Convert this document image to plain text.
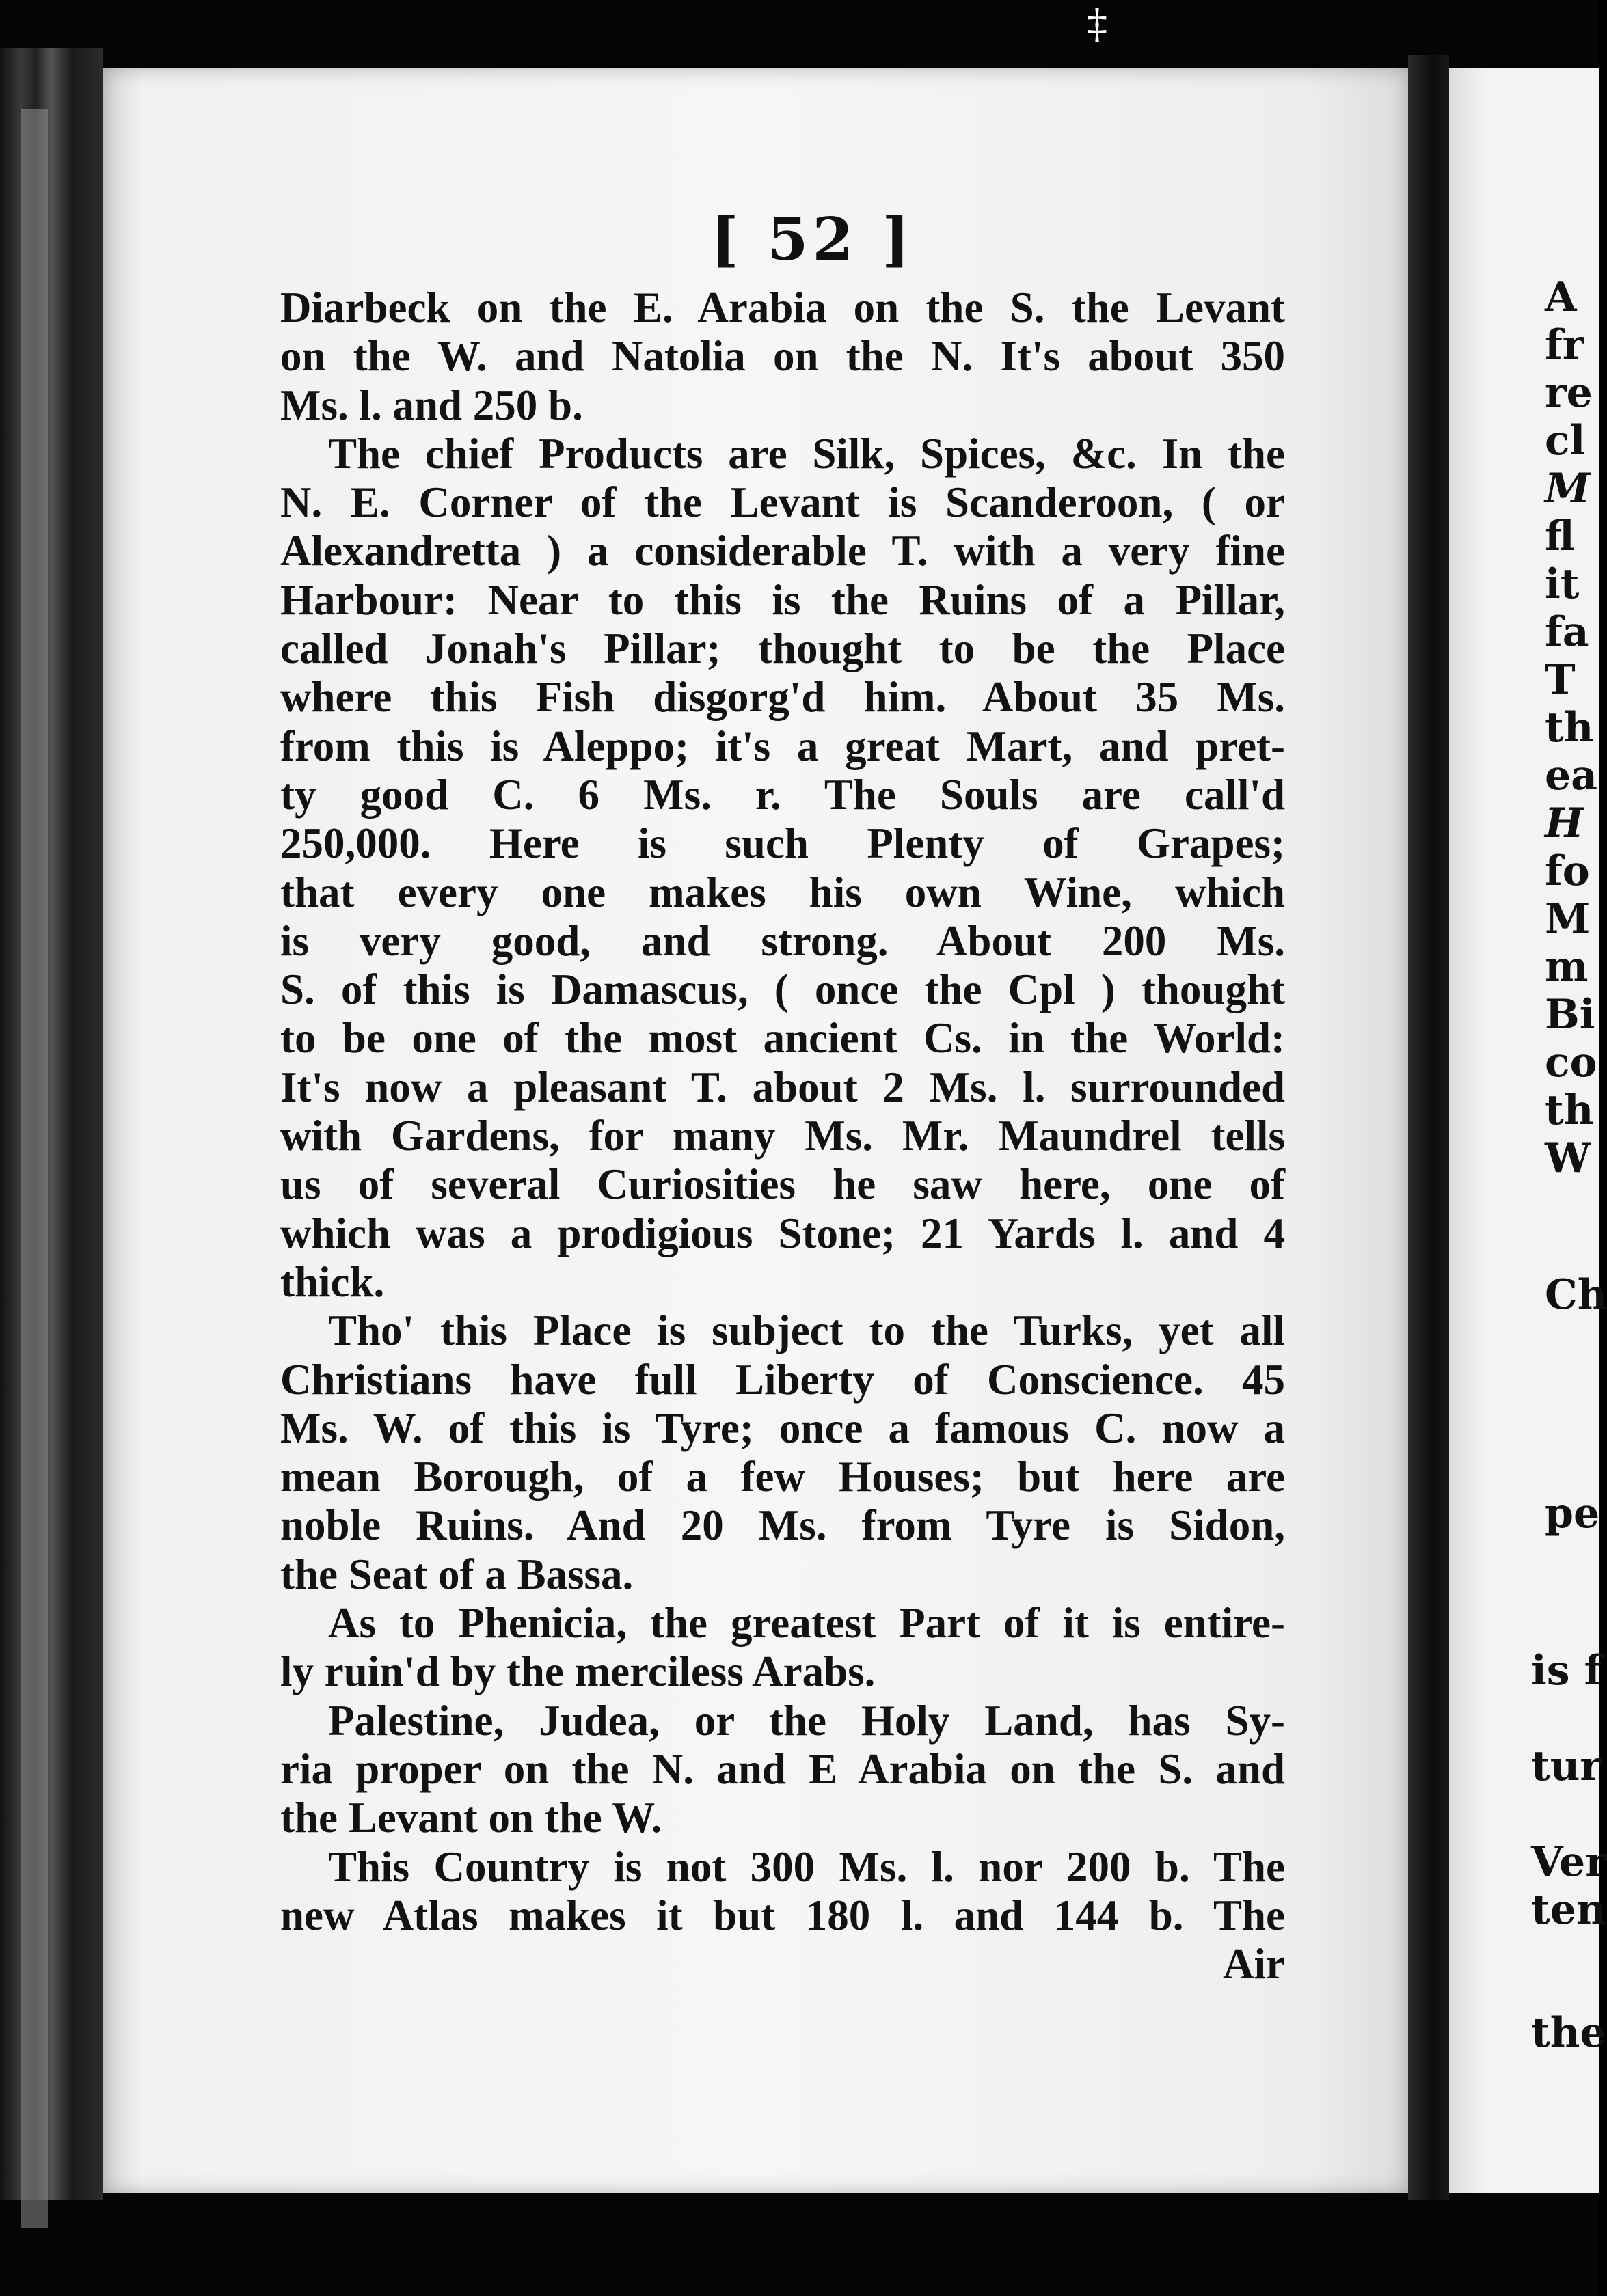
‡
[ 52 ]
Diarbeck on the E. Arabia on the S. the Levant
on the W. and Natolia on the N. It's about 350
Ms. l. and 250 b.
The chief Products are Silk, Spices, &c. In the
N. E. Corner of the Levant is Scanderoon, ( or
Alexandretta ) a considerable T. with a very fine
Harbour: Near to this is the Ruins of a Pillar,
called Jonah's Pillar; thought to be the Place
where this Fish disgorg'd him. About 35 Ms.
from this is Aleppo; it's a great Mart, and pret-
ty good C. 6 Ms. r. The Souls are call'd
250,000. Here is such Plenty of Grapes;
that every one makes his own Wine, which
is very good, and strong. About 200 Ms.
S. of this is Damascus, ( once the Cpl ) thought
to be one of the most ancient Cs. in the World:
It's now a pleasant T. about 2 Ms. l. surrounded
with Gardens, for many Ms. Mr. Maundrel tells
us of several Curiosities he saw here, one of
which was a prodigious Stone; 21 Yards l. and 4
thick.
Tho' this Place is subject to the Turks, yet all
Christians have full Liberty of Conscience. 45
Ms. W. of this is Tyre; once a famous C. now a
mean Borough, of a few Houses; but here are
noble Ruins. And 20 Ms. from Tyre is Sidon,
the Seat of a Bassa.
As to Phenicia, the greatest Part of it is entire-
ly ruin'd by the merciless Arabs.
Palestine, Judea, or the Holy Land, has Sy-
ria proper on the N. and E Arabia on the S. and
the Levant on the W.
This Country is not 300 Ms. l. nor 200 b. The
new Atlas makes it but 180 l. and 144 b. The
Air
A
fr
re
cl
M
fl
it
fa
T
th
ea
H
fo
M
m
Bi
co
th
W
Ch
pe
is f
tur
Ver
ten
the
